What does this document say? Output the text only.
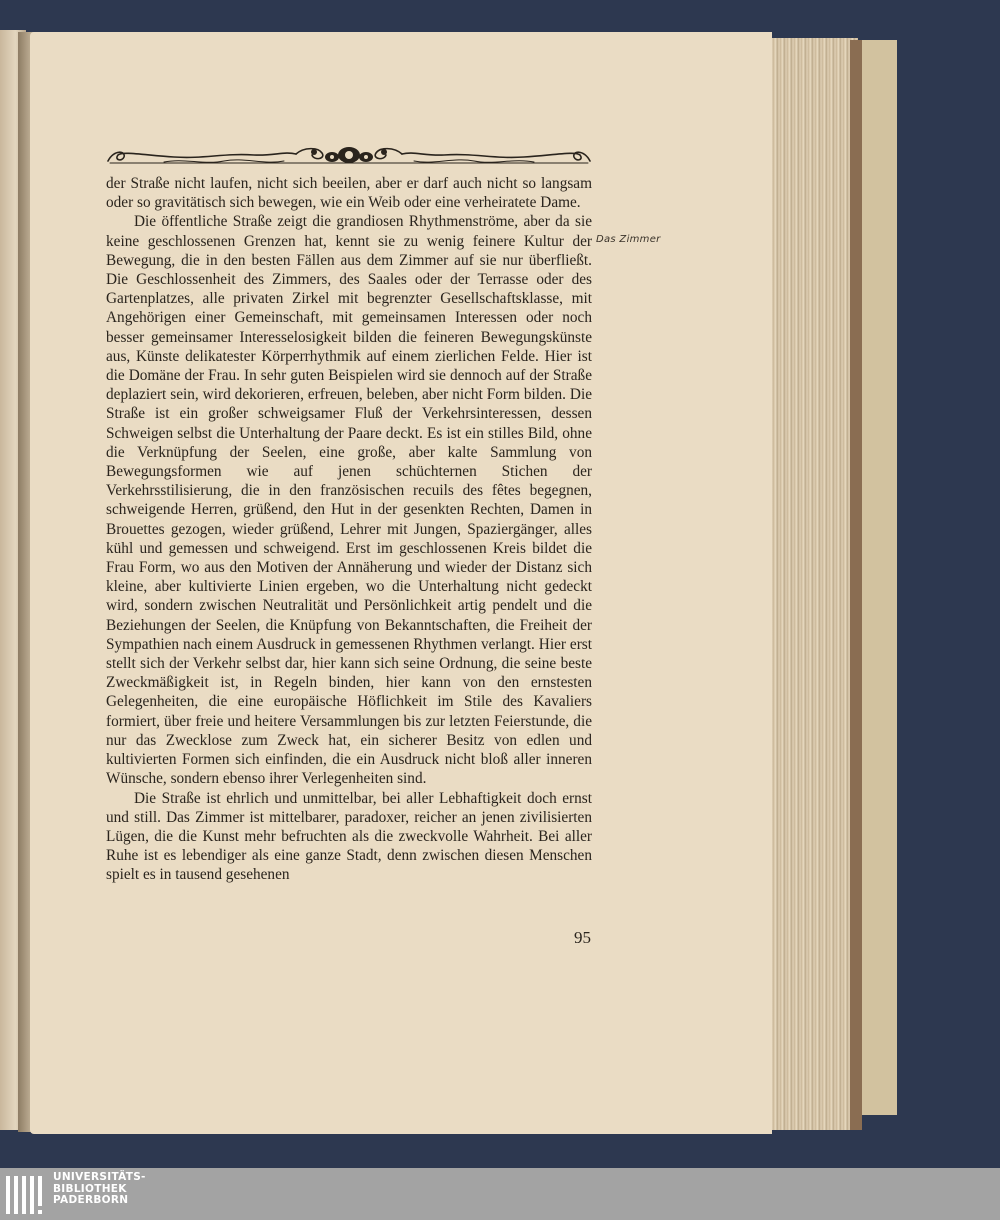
der Straße nicht laufen, nicht sich beeilen, aber er darf auch nicht so langsam oder so gravitätisch sich bewegen, wie ein Weib oder eine verheiratete Dame.

Die öffentliche Straße zeigt die grandiosen Rhythmenströme, aber da sie keine geschlossenen Grenzen hat, kennt sie zu wenig feinere Kultur der Bewegung, die in den besten Fällen aus dem Zimmer auf sie nur überfließt. Die Geschlossenheit des Zimmers, des Saales oder der Terrasse oder des Gartenplatzes, alle privaten Zirkel mit begrenzter Gesellschaftsklasse, mit Angehörigen einer Gemeinschaft, mit gemeinsamen Interessen oder noch besser gemeinsamer Interesselosigkeit bilden die feineren Bewegungskünste aus, Künste delikatester Körperrhythmik auf einem zierlichen Felde. Hier ist die Domäne der Frau. In sehr guten Beispielen wird sie dennoch auf der Straße deplaziert sein, wird dekorieren, erfreuen, beleben, aber nicht Form bilden. Die Straße ist ein großer schweigsamer Fluß der Verkehrsinteressen, dessen Schweigen selbst die Unterhaltung der Paare deckt. Es ist ein stilles Bild, ohne die Verknüpfung der Seelen, eine große, aber kalte Sammlung von Bewegungsformen wie auf jenen schüchternen Stichen der Verkehrsstilisierung, die in den französischen recuils des fêtes begegnen, schweigende Herren, grüßend, den Hut in der gesenkten Rechten, Damen in Brouettes gezogen, wieder grüßend, Lehrer mit Jungen, Spaziergänger, alles kühl und gemessen und schweigend. Erst im geschlossenen Kreis bildet die Frau Form, wo aus den Motiven der Annäherung und wieder der Distanz sich kleine, aber kultivierte Linien ergeben, wo die Unterhaltung nicht gedeckt wird, sondern zwischen Neutralität und Persönlichkeit artig pendelt und die Beziehungen der Seelen, die Knüpfung von Bekanntschaften, die Freiheit der Sympathien nach einem Ausdruck in gemessenen Rhythmen verlangt. Hier erst stellt sich der Verkehr selbst dar, hier kann sich seine Ordnung, die seine beste Zweckmäßigkeit ist, in Regeln binden, hier kann von den ernstesten Gelegenheiten, die eine europäische Höflichkeit im Stile des Kavaliers formiert, über freie und heitere Versammlungen bis zur letzten Feierstunde, die nur das Zwecklose zum Zweck hat, ein sicherer Besitz von edlen und kultivierten Formen sich einfinden, die ein Ausdruck nicht bloß aller inneren Wünsche, sondern ebenso ihrer Verlegenheiten sind.

Die Straße ist ehrlich und unmittelbar, bei aller Lebhaftigkeit doch ernst und still. Das Zimmer ist mittelbarer, paradoxer, reicher an jenen zivilisierten Lügen, die die Kunst mehr befruchten als die zweckvolle Wahrheit. Bei aller Ruhe ist es lebendiger als eine ganze Stadt, denn zwischen diesen Menschen spielt es in tausend gesehenen

Das Zimmer
95
UNIVERSITÄTS-
BIBLIOTHEK
PADERBORN
